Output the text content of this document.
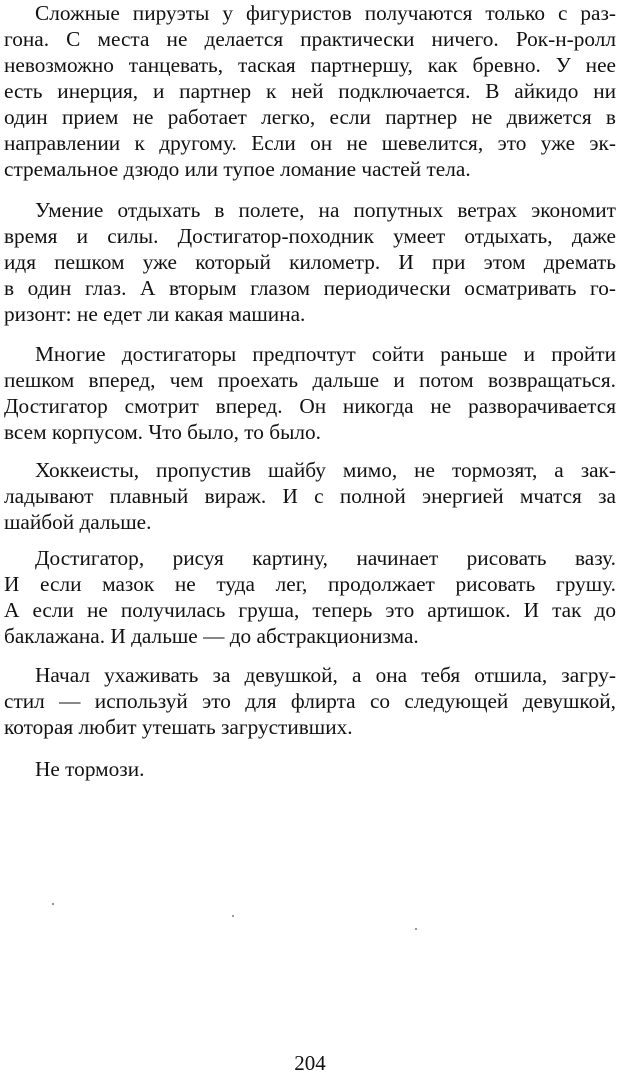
Сложные пируэты у фигуристов получаются только с раз-
гона. С места не делается практически ничего. Рок-н-ролл
невозможно танцевать, таская партнершу, как бревно. У нее
есть инерция, и партнер к ней подключается. В айкидо ни
один прием не работает легко, если партнер не движется в
направлении к другому. Если он не шевелится, это уже эк-
стремальное дзюдо или тупое ломание частей тела.
Умение отдыхать в полете, на попутных ветрах экономит
время и силы. Достигатор-походник умеет отдыхать, даже
идя пешком уже который километр. И при этом дремать
в один глаз. А вторым глазом периодически осматривать го-
ризонт: не едет ли какая машина.
Многие достигаторы предпочтут сойти раньше и пройти
пешком вперед, чем проехать дальше и потом возвращаться.
Достигатор смотрит вперед. Он никогда не разворачивается
всем корпусом. Что было, то было.
Хоккеисты, пропустив шайбу мимо, не тормозят, а зак-
ладывают плавный вираж. И с полной энергией мчатся за
шайбой дальше.
Достигатор, рисуя картину, начинает рисовать вазу.
И если мазок не туда лег, продолжает рисовать грушу.
А если не получилась груша, теперь это артишок. И так до
баклажана. И дальше — до абстракционизма.
Начал ухаживать за девушкой, а она тебя отшила, загру-
стил — используй это для флирта со следующей девушкой,
которая любит утешать загрустивших.
Не тормози.
204
